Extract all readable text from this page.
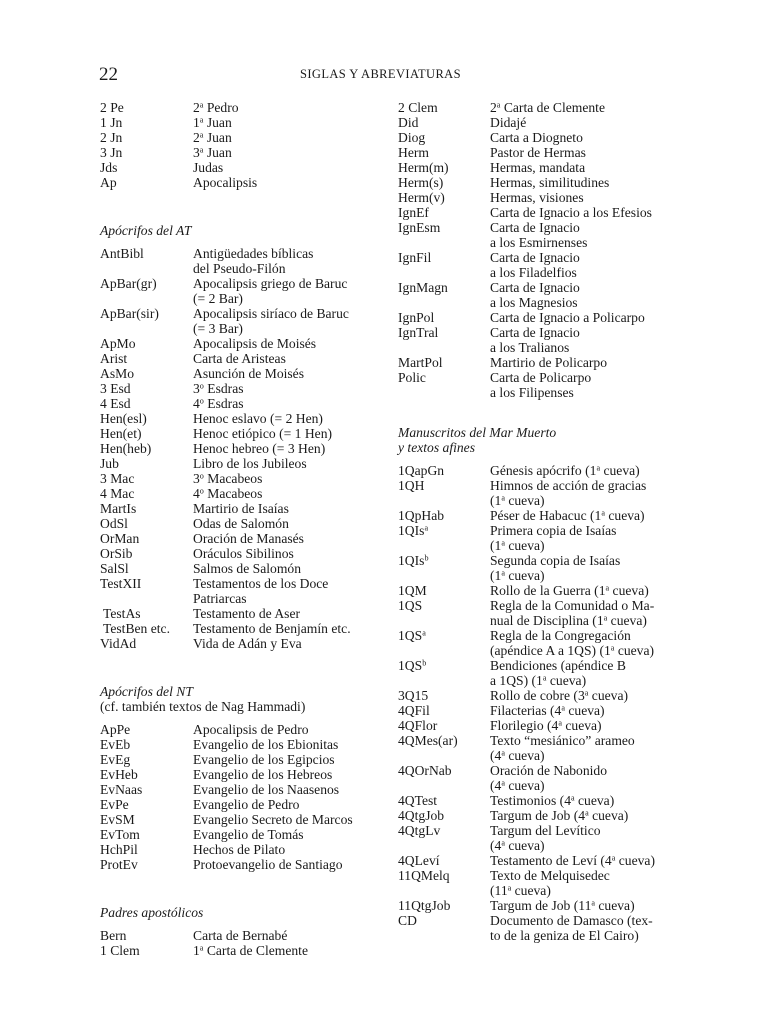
22	SIGLAS Y ABREVIATURAS
2 Pe	2$^a$ Pedro
1 Jn	1$^a$ Juan
2 Jn	2$^a$ Juan
3 Jn	3$^a$ Juan
Jds	Judas
Ap	Apocalipsis
Apócrifos del AT
AntBibl	Antigüedades bíblicas
del Pseudo-Filón
ApBar(gr)	Apocalipsis griego de Baruc
(= 2 Bar)
ApBar(sir)	Apocalipsis siríaco de Baruc
(= 3 Bar)
ApMo	Apocalipsis de Moisés
Arist	Carta de Aristeas
AsMo	Asunción de Moisés
3 Esd	3$^o$ Esdras
4 Esd	4$^o$ Esdras
Hen(esl)	Henoc eslavo (= 2 Hen)
Hen(et)	Henoc etiópico (= 1 Hen)
Hen(heb)	Henoc hebreo (= 3 Hen)
Jub	Libro de los Jubileos
3 Mac	3$^o$ Macabeos
4 Mac	4$^o$ Macabeos
MartIs	Martirio de Isaías
OdSl	Odas de Salomón
OrMan	Oración de Manasés
OrSib	Oráculos Sibilinos
SalSl	Salmos de Salomón
TestXII	Testamentos de los Doce
Patriarcas
TestAs	Testamento de Aser
TestBen etc.	Testamento de Benjamín etc.
VidAd	Vida de Adán y Eva
Apócrifos del NT
(cf. también textos de Nag Hammadi)
ApPe	Apocalipsis de Pedro
EvEb	Evangelio de los Ebionitas
EvEg	Evangelio de los Egipcios
EvHeb	Evangelio de los Hebreos
EvNaas	Evangelio de los Naasenos
EvPe	Evangelio de Pedro
EvSM	Evangelio Secreto de Marcos
EvTom	Evangelio de Tomás
HchPil	Hechos de Pilato
ProtEv	Protoevangelio de Santiago
Padres apostólicos
Bern	Carta de Bernabé
1 Clem	1$^a$ Carta de Clemente
2 Clem	2$^a$ Carta de Clemente
Did	Didajé
Diog	Carta a Diogneto
Herm	Pastor de Hermas
Herm(m)	Hermas, mandata
Herm(s)	Hermas, similitudines
Herm(v)	Hermas, visiones
IgnEf	Carta de Ignacio a los Efesios
IgnEsm	Carta de Ignacio
a los Esmirnenses
IgnFil	Carta de Ignacio
a los Filadelfios
IgnMagn	Carta de Ignacio
a los Magnesios
IgnPol	Carta de Ignacio a Policarpo
IgnTral	Carta de Ignacio
a los Tralianos
MartPol	Martirio de Policarpo
Polic	Carta de Policarpo
a los Filipenses
Manuscritos del Mar Muerto
y textos afines
1QapGn	Génesis apócrifo (1$^a$ cueva)
1QH	Himnos de acción de gracias
(1$^a$ cueva)
1QpHab	Péser de Habacuc (1$^a$ cueva)
1QIs$^a$	Primera copia de Isaías
(1$^a$ cueva)
1QIs$^b$	Segunda copia de Isaías
(1$^a$ cueva)
1QM	Rollo de la Guerra (1$^a$ cueva)
1QS	Regla de la Comunidad o Ma-
nual de Disciplina (1$^a$ cueva)
$1QS^a$	Regla de la Congregación
(apéndice A a 1QS) (1$^a$ cueva)
$1QS^b$	Bendiciones (apéndice B
a 1QS) (1$^a$ cueva)
3Q15	Rollo de cobre (3$^a$ cueva)
4QFil	Filacterias (4$^a$ cueva)
4QFlor	Florilegio (4$^a$ cueva)
4QMes(ar)	Texto “mesiánico” arameo
(4$^a$ cueva)
4QOrNab	Oración de Nabonido
(4$^a$ cueva)
4QTest	Testimonios (4$^a$ cueva)
4QtgJob	Targum de Job (4$^a$ cueva)
4QtgLv	Targum del Levítico
(4$^a$ cueva)
4QLeví	Testamento de Leví (4$^a$ cueva)
11QMelq	Texto de Melquisedec
(11$^a$ cueva)
11QtgJob	Targum de Job (11$^a$ cueva)
CD	Documento de Damasco (tex-
to de la geniza de El Cairo)
